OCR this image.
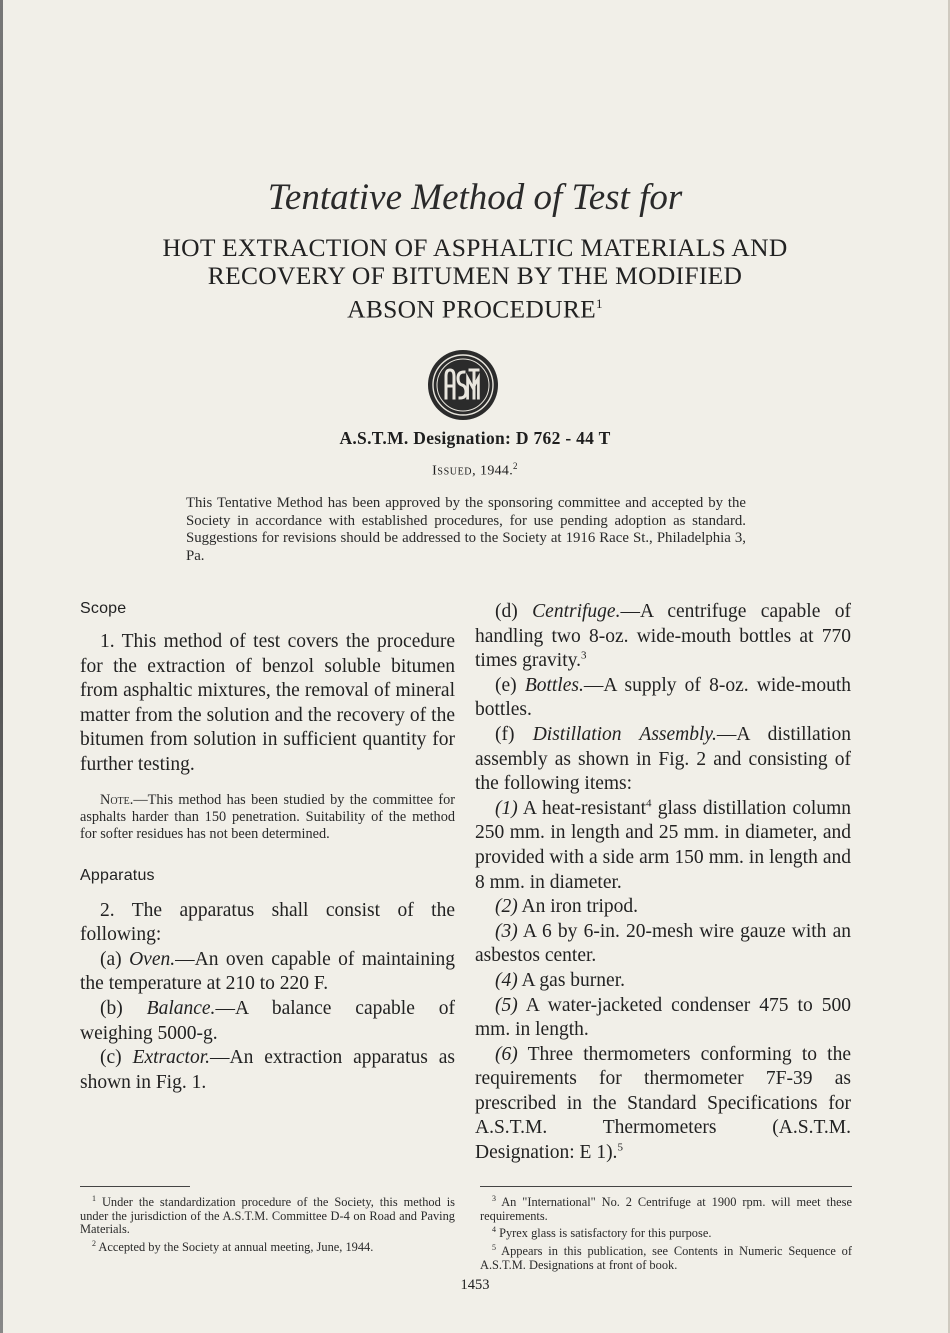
Tentative Method of Test for
HOT EXTRACTION OF ASPHALTIC MATERIALS AND
RECOVERY OF BITUMEN BY THE MODIFIED
ABSON PROCEDURE$^1$
A.S.T.M. Designation: D 762 - 44 T
Issued, 1944.$^2$
This Tentative Method has been approved by the sponsoring committee and accepted by the Society in accordance with established procedures, for use pending adoption as standard. Suggestions for revisions should be addressed to the Society at 1916 Race St., Philadelphia 3, Pa.
Scope

1. This method of test covers the procedure for the extraction of benzol soluble bitumen from asphaltic mixtures, the removal of mineral matter from the solution and the recovery of the bitumen from solution in sufficient quantity for further testing.

Note.—This method has been studied by the committee for asphalts harder than 150 penetration. Suitability of the method for softer residues has not been determined.

Apparatus

2. The apparatus shall consist of the following:

(a) Oven.—An oven capable of maintaining the temperature at 210 to 220 F.

(b) Balance.—A balance capable of weighing 5000-g.

(c) Extractor.—An extraction apparatus as shown in Fig. 1.

(d) Centrifuge.—A centrifuge capable of handling two 8-oz. wide-mouth bottles at 770 times gravity.$^3$

(e) Bottles.—A supply of 8-oz. wide-mouth bottles.

(f) Distillation Assembly.—A distillation assembly as shown in Fig. 2 and consisting of the following items:

(1) A heat-resistant$^4$ glass distillation column 250 mm. in length and 25 mm. in diameter, and provided with a side arm 150 mm. in length and 8 mm. in diameter.

(2) An iron tripod.

(3) A 6 by 6-in. 20-mesh wire gauze with an asbestos center.

(4) A gas burner.

(5) A water-jacketed condenser 475 to 500 mm. in length.

(6) Three thermometers conforming to the requirements for thermometer 7F-39 as prescribed in the Standard Specifications for A.S.T.M. Thermometers (A.S.T.M. Designation: E 1).$^5$

$^1$ Under the standardization procedure of the Society, this method is under the jurisdiction of the A.S.T.M. Committee D-4 on Road and Paving Materials.

$^2$ Accepted by the Society at annual meeting, June, 1944.

$^3$ An "International" No. 2 Centrifuge at 1900 rpm. will meet these requirements.

$^4$ Pyrex glass is satisfactory for this purpose.

$^5$ Appears in this publication, see Contents in Numeric Sequence of A.S.T.M. Designations at front of book.

1453
